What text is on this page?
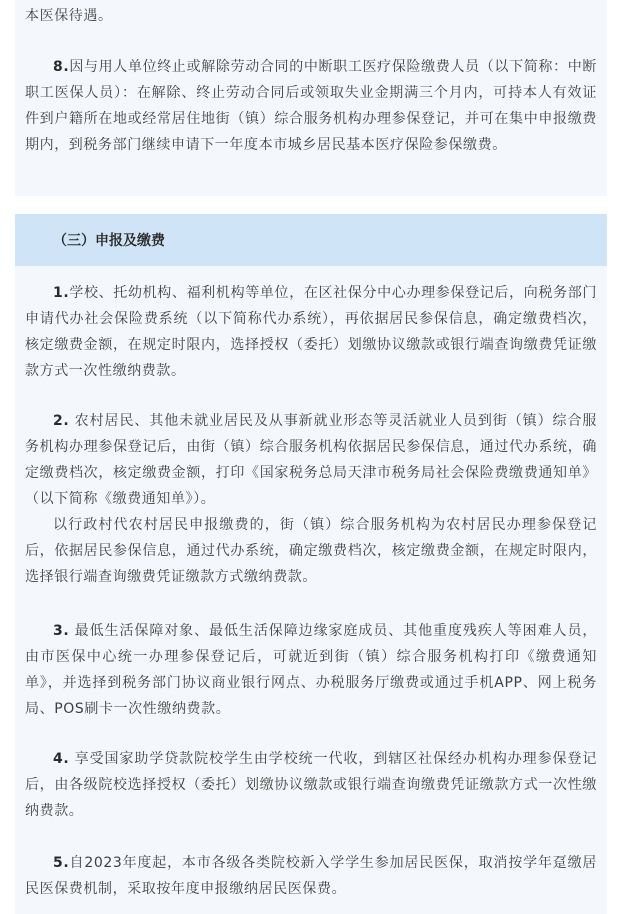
本医保待遇。

8.因与用人单位终止或解除劳动合同的中断职工医疗保险缴费人员（以下简称：中断职工医保人员）：在解除、终止劳动合同后或领取失业金期满三个月内，可持本人有效证件到户籍所在地或经常居住地街（镇）综合服务机构办理参保登记，并可在集中申报缴费期内，到税务部门继续申请下一年度本市城乡居民基本医疗保险参保缴费。

（三）申报及缴费

1.学校、托幼机构、福利机构等单位，在区社保分中心办理参保登记后，向税务部门申请代办社会保险费系统（以下简称代办系统），再依据居民参保信息，确定缴费档次，核定缴费金额，在规定时限内，选择授权（委托）划缴协议缴款或银行端查询缴费凭证缴款方式一次性缴纳费款。

2. 农村居民、其他未就业居民及从事新就业形态等灵活就业人员到街（镇）综合服务机构办理参保登记后，由街（镇）综合服务机构依据居民参保信息，通过代办系统，确定缴费档次，核定缴费金额，打印《国家税务总局天津市税务局社会保险费缴费通知单》（以下简称《缴费通知单》）。

以行政村代农村居民申报缴费的，街（镇）综合服务机构为农村居民办理参保登记后，依据居民参保信息，通过代办系统，确定缴费档次，核定缴费金额，在规定时限内，选择银行端查询缴费凭证缴款方式缴纳费款。

3. 最低生活保障对象、最低生活保障边缘家庭成员、其他重度残疾人等困难人员，由市医保中心统一办理参保登记后，可就近到街（镇）综合服务机构打印《缴费通知单》，并选择到税务部门协议商业银行网点、办税服务厅缴费或通过手机APP、网上税务局、POS刷卡一次性缴纳费款。

4. 享受国家助学贷款院校学生由学校统一代收，到辖区社保经办机构办理参保登记后，由各级院校选择授权（委托）划缴协议缴款或银行端查询缴费凭证缴款方式一次性缴纳费款。

5.自2023年度起，本市各级各类院校新入学学生参加居民医保，取消按学年趸缴居民医保费机制，采取按年度申报缴纳居民医保费。
